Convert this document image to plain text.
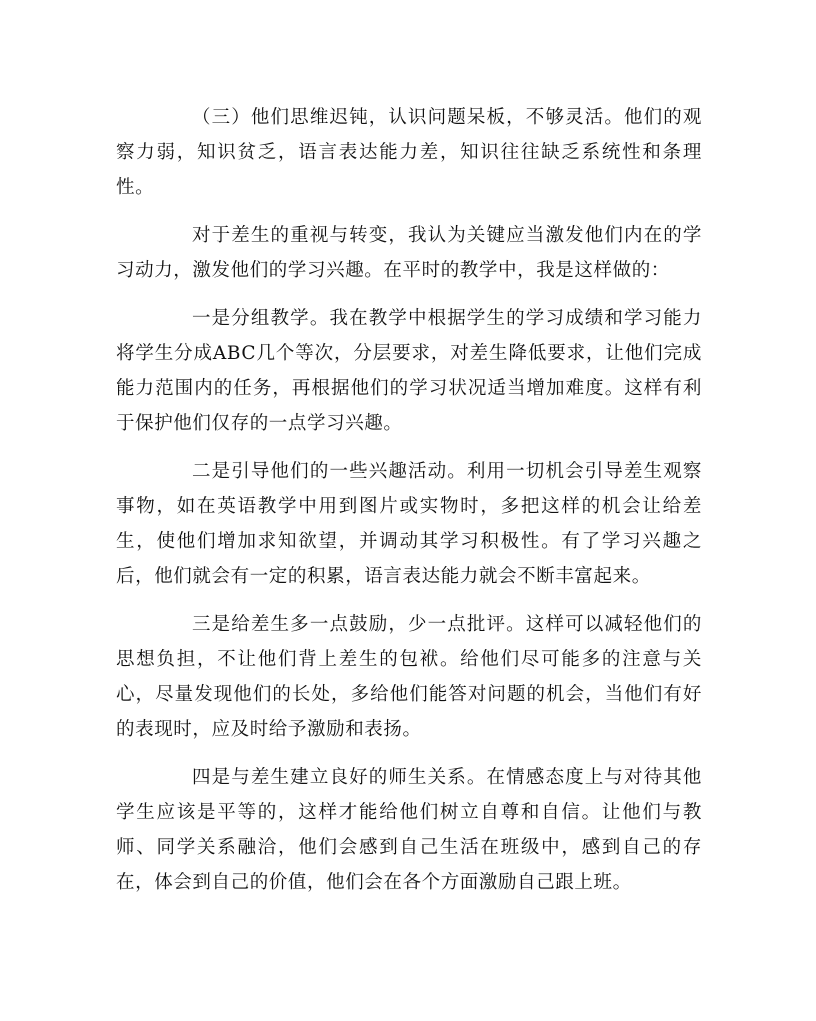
（三）他们思维迟钝，认识问题呆板，不够灵活。他们的观察力弱，知识贫乏，语言表达能力差，知识往往缺乏系统性和条理性。

对于差生的重视与转变，我认为关键应当激发他们内在的学习动力，激发他们的学习兴趣。在平时的教学中，我是这样做的：

一是分组教学。我在教学中根据学生的学习成绩和学习能力将学生分成ABC几个等次，分层要求，对差生降低要求，让他们完成能力范围内的任务，再根据他们的学习状况适当增加难度。这样有利于保护他们仅存的一点学习兴趣。

二是引导他们的一些兴趣活动。利用一切机会引导差生观察事物，如在英语教学中用到图片或实物时，多把这样的机会让给差生，使他们增加求知欲望，并调动其学习积极性。有了学习兴趣之后，他们就会有一定的积累，语言表达能力就会不断丰富起来。

三是给差生多一点鼓励，少一点批评。这样可以减轻他们的思想负担，不让他们背上差生的包袱。给他们尽可能多的注意与关心，尽量发现他们的长处，多给他们能答对问题的机会，当他们有好的表现时，应及时给予激励和表扬。

四是与差生建立良好的师生关系。在情感态度上与对待其他学生应该是平等的，这样才能给他们树立自尊和自信。让他们与教师、同学关系融洽，他们会感到自己生活在班级中，感到自己的存在，体会到自己的价值，他们会在各个方面激励自己跟上班。
